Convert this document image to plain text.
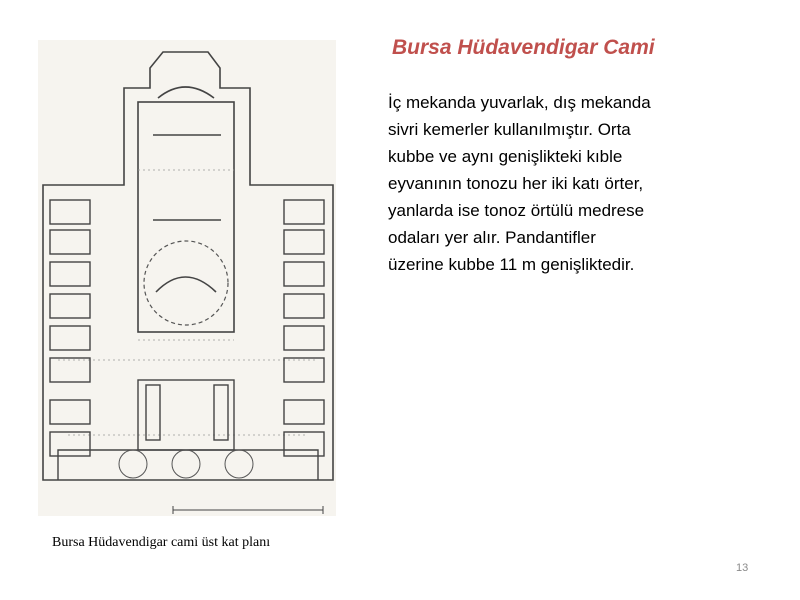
Bursa Hüdavendigar cami üst kat planı
Bursa Hüdavendigar Cami
İç mekanda yuvarlak, dış mekanda
sivri kemerler kullanılmıştır. Orta
kubbe ve aynı genişlikteki kıble
eyvanının tonozu her iki katı örter,
yanlarda ise tonoz örtülü medrese
odaları yer alır. Pandantifler
üzerine kubbe 11 m genişliktedir.
13
